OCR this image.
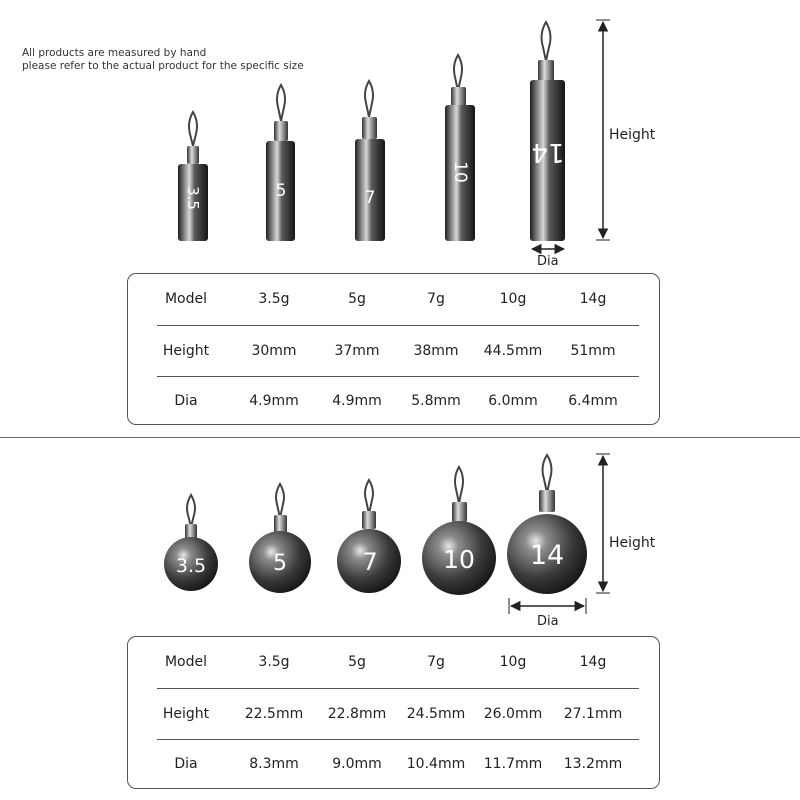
All products are measured by hand
please refer to the actual product for the specific size
3.5	5	7
10
14
3.5	5	7	10 14
Height
Dia
Model	3.5g	5g	7g	10g	14g
Height	30mm	37mm	38mm	44.5mm	51mm
Dia	4.9mm	4.9mm	5.8mm	6.0mm	6.4mm
Height
Dia
Model	3.5g	5g	7g	10g	14g
Height	22.5mm	22.8mm	24.5mm	26.0mm	27.1mm
Dia	8.3mm	9.0mm	10.4mm	11.7mm	13.2mm
